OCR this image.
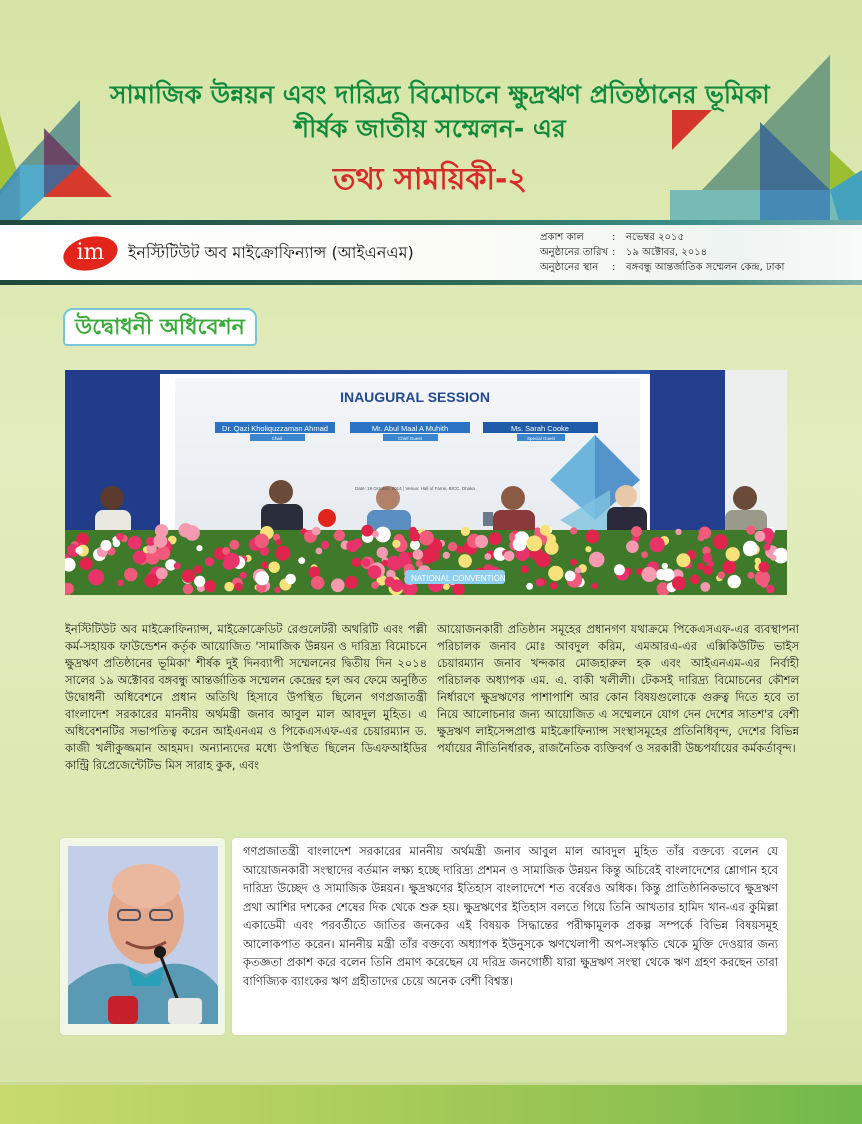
সামাজিক উন্নয়ন এবং দারিদ্র্য বিমোচনে ক্ষুদ্রঋণ প্রতিষ্ঠানের ভূমিকা
শীর্ষক জাতীয় সম্মেলন- এর
তথ্য সাময়িকী-২
im	ইনস্টিটিউট অব মাইক্রোফিন্যান্স (আইএনএম)
প্রকাশ কাল	:	নভেম্বর ২০১৫
অনুষ্ঠানের তারিখ :	১৯ অক্টোবর, ২০১৪
অনুষ্ঠানের স্থান	:	বঙ্গবন্ধু আন্তর্জাতিক সম্মেলন কেন্দ্র, ঢাকা
উদ্বোধনী অধিবেশন
NATIONAL CONVENTION
INAUGURAL SESSION
Dr. Qazi Kholiquzzaman Ahmad	Mr. Abul Maal A Muhith	Ms. Sarah Cooke
Chair	Chief Guest	Special Guest
Date: 19 October, 2014 | Venue: Hall of Fame, BICC, Dhaka
ইনস্টিটিউট অব মাইক্রোফিন্যান্স, মাইক্রোক্রেডিট রেগুলেটরী অথরিটি এবং পল্লী কর্ম-সহায়ক ফাউন্ডেশন কর্তৃক আয়োজিত 'সামাজিক উন্নয়ন ও দারিদ্র্য বিমোচনে ক্ষুদ্রঋণ প্রতিষ্ঠানের ভূমিকা' শীর্ষক দুই দিনব্যাপী সম্মেলনের দ্বিতীয় দিন ২০১৪ সালের ১৯ অক্টোবর বঙ্গবন্ধু আন্তর্জাতিক সম্মেলন কেন্দ্রের হল অব ফেমে অনুষ্ঠিত উদ্বোধনী অধিবেশনে প্রধান অতিথি হিসাবে উপস্থিত ছিলেন গণপ্রজাতন্ত্রী বাংলাদেশ সরকারের মাননীয় অর্থমন্ত্রী জনাব আবুল মাল আবদুল মুহিত। এ অধিবেশনটির সভাপতিত্ব করেন আইএনএম ও পিকেএসএফ-এর চেয়ারম্যান ড. কাজী খলীকুজ্জমান আহমদ। অন্যান্যদের মধ্যে উপস্থিত ছিলেন ডিএফআইডির কান্ট্রি রিপ্রেজেন্টেটিভ মিস সারাহ কুক, এবং
আয়োজনকারী প্রতিষ্ঠান সমূহের প্রধানগণ যথাক্রমে পিকেএসএফ-এর ব্যবস্থাপনা পরিচালক জনাব মোঃ আবদুল করিম, এমআরএ-এর এক্সিকিউটিভ ভাইস চেয়ারম্যান জনাব খন্দকার মোজহারুল হক এবং আইএনএম-এর নির্বাহী পরিচালক অধ্যাপক এম. এ. বাকী খলীলী। টেকসই দারিদ্র্য বিমোচনের কৌশল নির্ধারণে ক্ষুদ্রঋণের পাশাপাশি আর কোন বিষয়গুলোকে গুরুত্ব দিতে হবে তা নিয়ে আলোচনার জন্য আয়োজিত এ সম্মেলনে যোগ দেন দেশের সাতশ'র বেশী ক্ষুদ্রঋণ লাইসেন্সপ্রাপ্ত মাইক্রোফিন্যান্স সংস্থাসমূহের প্রতিনিধিবৃন্দ, দেশের বিভিন্ন পর্যায়ের নীতিনির্ধারক, রাজনৈতিক ব্যক্তিবর্গ ও সরকারী উচ্চপর্যায়ের কর্মকর্তাবৃন্দ।
গণপ্রজাতন্ত্রী বাংলাদেশ সরকারের মাননীয় অর্থমন্ত্রী জনাব আবুল মাল আবদুল মুহিত তাঁর বক্তব্যে বলেন যে আয়োজনকারী সংস্থাদের বর্তমান লক্ষ্য হচ্ছে দারিদ্র্য প্রশমন ও সামাজিক উন্নয়ন কিন্তু অচিরেই বাংলাদেশের শ্লোগান হবে দারিদ্র্য উচ্ছেদ ও সামাজিক উন্নয়ন। ক্ষুদ্রঋণের ইতিহাস বাংলাদেশে শত বর্ষেরও অধিক। কিন্তু প্রাতিষ্ঠানিকভাবে ক্ষুদ্রঋণ প্রথা আশির দশকের শেষের দিক থেকে শুরু হয়। ক্ষুদ্রঋণের ইতিহাস বলতে গিয়ে তিনি আখতার হামিদ খান-এর কুমিল্লা একাডেমী এবং পরবর্তীতে জাতির জনকের এই বিষয়ক সিদ্ধান্তের পরীক্ষামূলক প্রকল্প সম্পর্কে বিভিন্ন বিষয়সমূহ আলোকপাত করেন। মাননীয় মন্ত্রী তাঁর বক্তব্যে অধ্যাপক ইউনুসকে ঋণখেলাপী অপ-সংস্কৃতি থেকে মুক্তি দেওয়ার জন্য কৃতজ্ঞতা প্রকাশ করে বলেন তিনি প্রমাণ করেছেন যে দরিদ্র জনগোষ্ঠী যারা ক্ষুদ্রঋণ সংস্থা থেকে ঋণ গ্রহণ করছেন তারা বাণিজ্যিক ব্যাংকের ঋণ গ্রহীতাদের চেয়ে অনেক বেশী বিশ্বস্ত।
